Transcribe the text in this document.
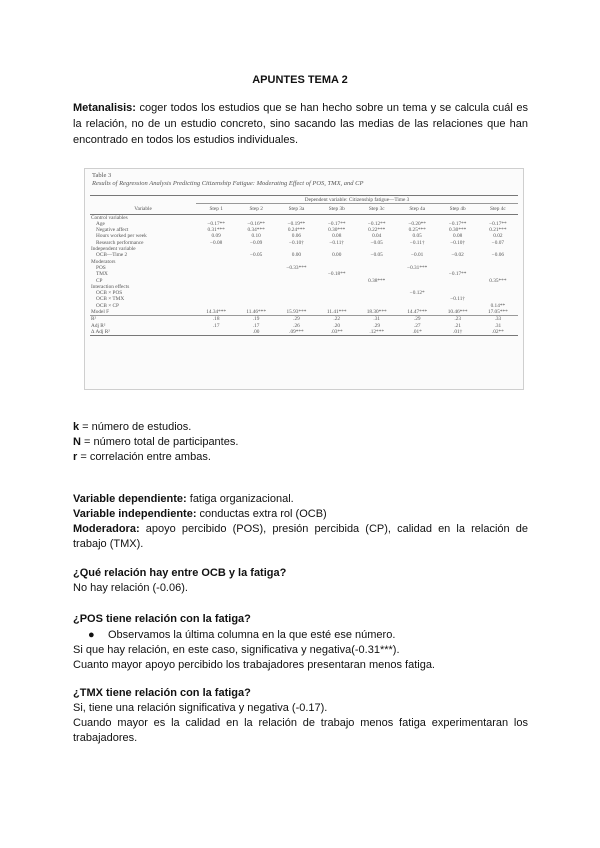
APUNTES TEMA 2
Metanalisis: coger todos los estudios que se han hecho sobre un tema y se calcula cuál es la relación, no de un estudio concreto, sino sacando las medias de las relaciones que han encontrado en todos los estudios individuales.
Table 3
Results of Regression Analysis Predicting Citizenship Fatigue: Moderating Effect of POS, TMX, and CP
	Dependent variable: Citizenship fatigue—Time 3							
Variable	Step 1	Step 2	Step 3a	Step 3b	Step 3c	Step 4a	Step 4b	Step 4c
Control variables								
Age	−0.17**	−0.16**	−0.19**	−0.17**	−0.12**	−0.20**	−0.17**	−0.17**
Negative affect	0.31***	0.34***	0.24***	0.30***	0.22***	0.25***	0.30***	0.21***
Hours worked per week	0.09	0.10	0.06	0.08	0.04	0.05	0.08	0.02
Research performance	−0.08	−0.09	−0.10†	−0.11†	−0.05	−0.11†	−0.10†	−0.07
Independent variable								
OCB—Time 2		−0.05	0.00	0.00	−0.05	−0.01	−0.02	−0.06
Moderators								
POS			−0.33***			−0.31***		
TMX				−0.18**			−0.17**	
CP					0.38***			0.35***
Interaction effects								
OCB × POS						−0.12*		
OCB × TMX							−0.11†	
OCB × CP								0.14**
Model F	14.34***	11.46***	15.93***	11.41***	18.30***	14.47***	10.46***	17.05***
R²	.18	.19	.29	.22	.31	.29	.23	.33
Adj R²	.17	.17	.26	.20	.29	.27	.21	.31
Δ Adj R²		.00	.09***	.03**	.12***	.01*	.01†	.02**
k = número de estudios.
N = número total de participantes.
r = correlación entre ambas.
Variable dependiente: fatiga organizacional.
Variable independiente: conductas extra rol (OCB)
Moderadora: apoyo percibido (POS), presión percibida (CP), calidad en la relación de trabajo (TMX).
¿Qué relación hay entre OCB y la fatiga?
No hay relación (-0.06).
¿POS tiene relación con la fatiga?
● Observamos la última columna en la que esté ese número.
Si que hay relación, en este caso, significativa y negativa(-0.31***).
Cuanto mayor apoyo percibido los trabajadores presentaran menos fatiga.
¿TMX tiene relación con la fatiga?
Si, tiene una relación significativa y negativa (-0.17).
Cuando mayor es la calidad en la relación de trabajo menos fatiga experimentaran los trabajadores.
